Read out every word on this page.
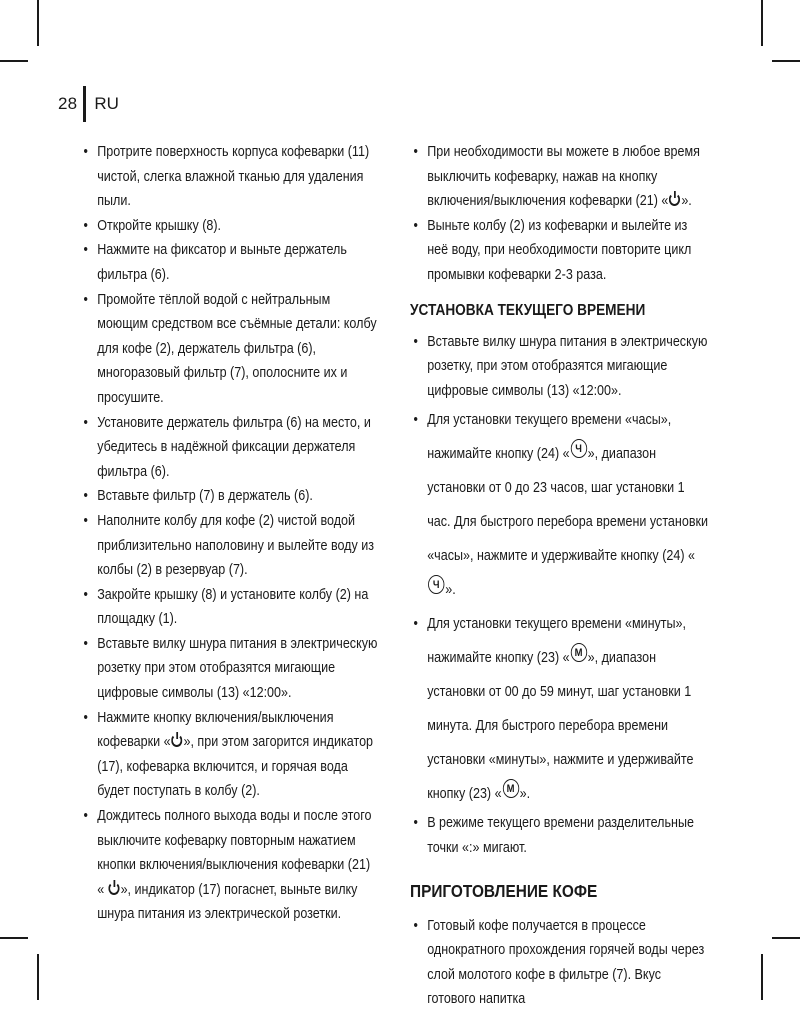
28 RU
• Протрите поверхность корпуса кофеварки (11) чистой, слегка влажной тканью для удаления пыли.
• Откройте крышку (8).
• Нажмите на фиксатор и выньте держатель фильтра (6).
• Промойте тёплой водой с нейтральным моющим средством все съёмные детали: колбу для кофе (2), держатель фильтра (6), многоразовый фильтр (7), ополосните их и просушите.
• Установите держатель фильтра (6) на место, и убедитесь в надёжной фиксации держателя фильтра (6).
• Вставьте фильтр (7) в держатель (6).
• Наполните колбу для кофе (2) чистой водой приблизительно наполовину и вылейте воду из колбы (2) в резервуар (7).
• Закройте крышку (8) и установите колбу (2) на площадку (1).
• Вставьте вилку шнура питания в электрическую розетку при этом отобразятся мигающие цифровые символы (13) «12:00».
• Нажмите кнопку включения/выключения кофеварки « », при этом загорится индикатор (17), кофеварка включится, и горячая вода будет поступать в колбу (2).
• Дождитесь полного выхода воды и после этого выключите кофеварку повторным нажатием кнопки включения/выключения кофеварки (21) « », индикатор (17) погаснет, выньте вилку шнура питания из электрической розетки.
• При необходимости вы можете в любое время выключить кофеварку, нажав на кнопку включения/выключения кофеварки (21) « ».
• Выньте колбу (2) из кофеварки и вылейте из неё воду, при необходимости повторите цикл промывки кофеварки 2-3 раза.
УСТАНОВКА ТЕКУЩЕГО ВРЕМЕНИ
• Вставьте вилку шнура питания в электрическую розетку, при этом отобразятся мигающие цифровые символы (13) «12:00».
• Для установки текущего времени «часы», нажимайте кнопку (24) « Ч », диапазон установки от 0 до 23 часов, шаг установки 1 час. Для быстрого перебора времени установки «часы», нажмите и удерживайте кнопку (24) «Ч ».
• Для установки текущего времени «минуты», нажимайте кнопку (23) « М », диапазон установки от 00 до 59 минут, шаг установки 1 минута. Для быстрого перебора времени установки «минуты», нажмите и удерживайте кнопку (23) « М ».
• В режиме текущего времени разделительные точки «:» мигают.
ПРИГОТОВЛЕНИЕ КОФЕ
• Готовый кофе получается в процессе однократного прохождения горячей воды через слой молотого кофе в фильтре (7). Вкус готового напитка
